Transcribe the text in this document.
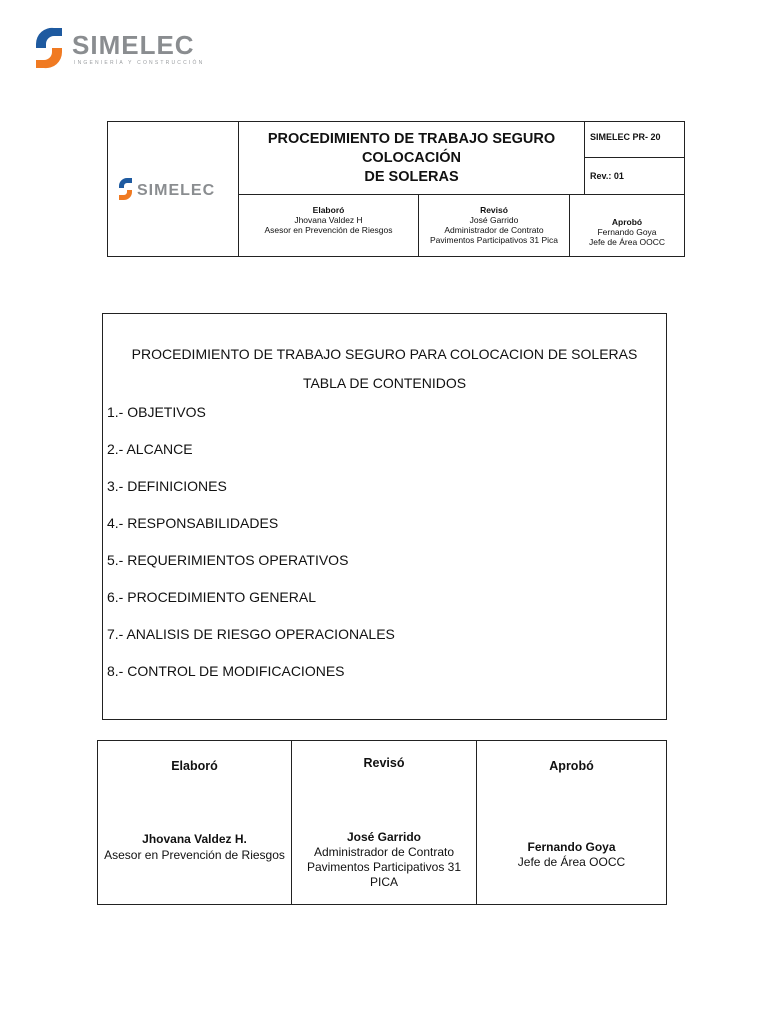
SIMELEC
INGENIERÍA Y CONSTRUCCIÓN
SIMELEC
PROCEDIMIENTO DE TRABAJO SEGURO COLOCACIÓN
DE SOLERAS
SIMELEC PR- 20
Rev.: 01
Elaboró
Jhovana Valdez H
Asesor en Prevención de Riesgos
Revisó
José Garrido
Administrador de Contrato
Pavimentos Participativos 31 Pica
Aprobó
Fernando Goya
Jefe de Área OOCC
PROCEDIMIENTO DE TRABAJO SEGURO PARA COLOCACION DE SOLERAS
TABLA DE CONTENIDOS
1.- OBJETIVOS
2.- ALCANCE
3.- DEFINICIONES
4.- RESPONSABILIDADES
5.- REQUERIMIENTOS OPERATIVOS
6.- PROCEDIMIENTO GENERAL
7.- ANALISIS DE RIESGO OPERACIONALES
8.- CONTROL DE MODIFICACIONES
Elaboró
Jhovana Valdez H.
Asesor en Prevención de Riesgos
Revisó
José Garrido
Administrador de Contrato
Pavimentos Participativos 31 PICA
Aprobó
Fernando Goya
Jefe de Área OOCC
